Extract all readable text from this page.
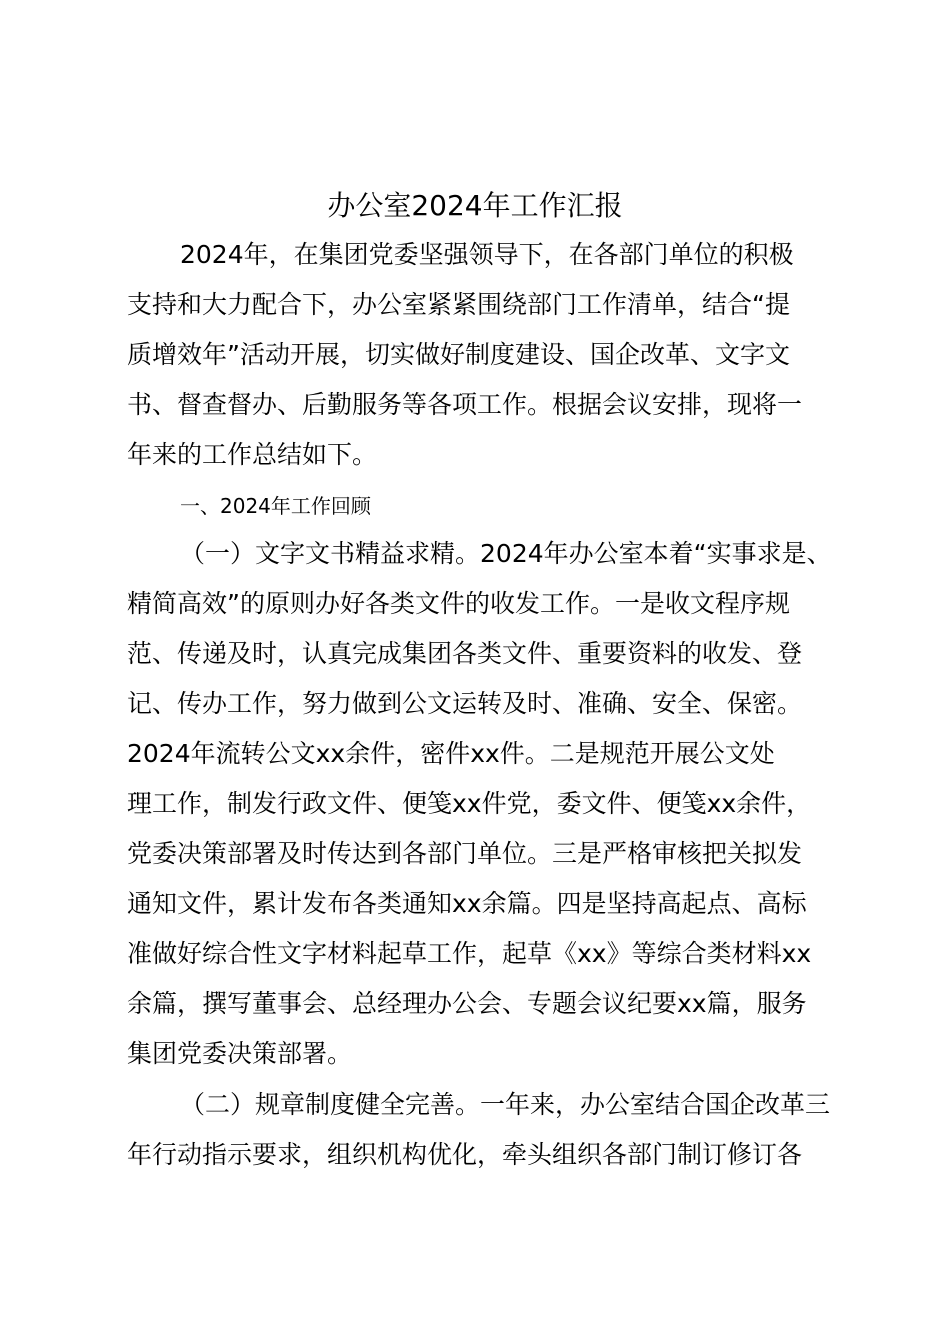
办公室2024年工作汇报
2024年，在集团党委坚强领导下，在各部门单位的积极
支持和大力配合下，办公室紧紧围绕部门工作清单，结合“提
质增效年”活动开展，切实做好制度建设、国企改革、文字文
书、督查督办、后勤服务等各项工作。根据会议安排，现将一
年来的工作总结如下。
一、2024年工作回顾
（一）文字文书精益求精。2024年办公室本着“实事求是、
精简高效”的原则办好各类文件的收发工作。一是收文程序规
范、传递及时，认真完成集团各类文件、重要资料的收发、登
记、传办工作，努力做到公文运转及时、准确、安全、保密。
2024年流转公文xx余件，密件xx件。二是规范开展公文处
理工作，制发行政文件、便笺xx件党，委文件、便笺xx余件，
党委决策部署及时传达到各部门单位。三是严格审核把关拟发
通知文件，累计发布各类通知xx余篇。四是坚持高起点、高标
准做好综合性文字材料起草工作，起草《xx》等综合类材料xx
余篇，撰写董事会、总经理办公会、专题会议纪要xx篇，服务
集团党委决策部署。
（二）规章制度健全完善。一年来，办公室结合国企改革三
年行动指示要求，组织机构优化，牵头组织各部门制订修订各
